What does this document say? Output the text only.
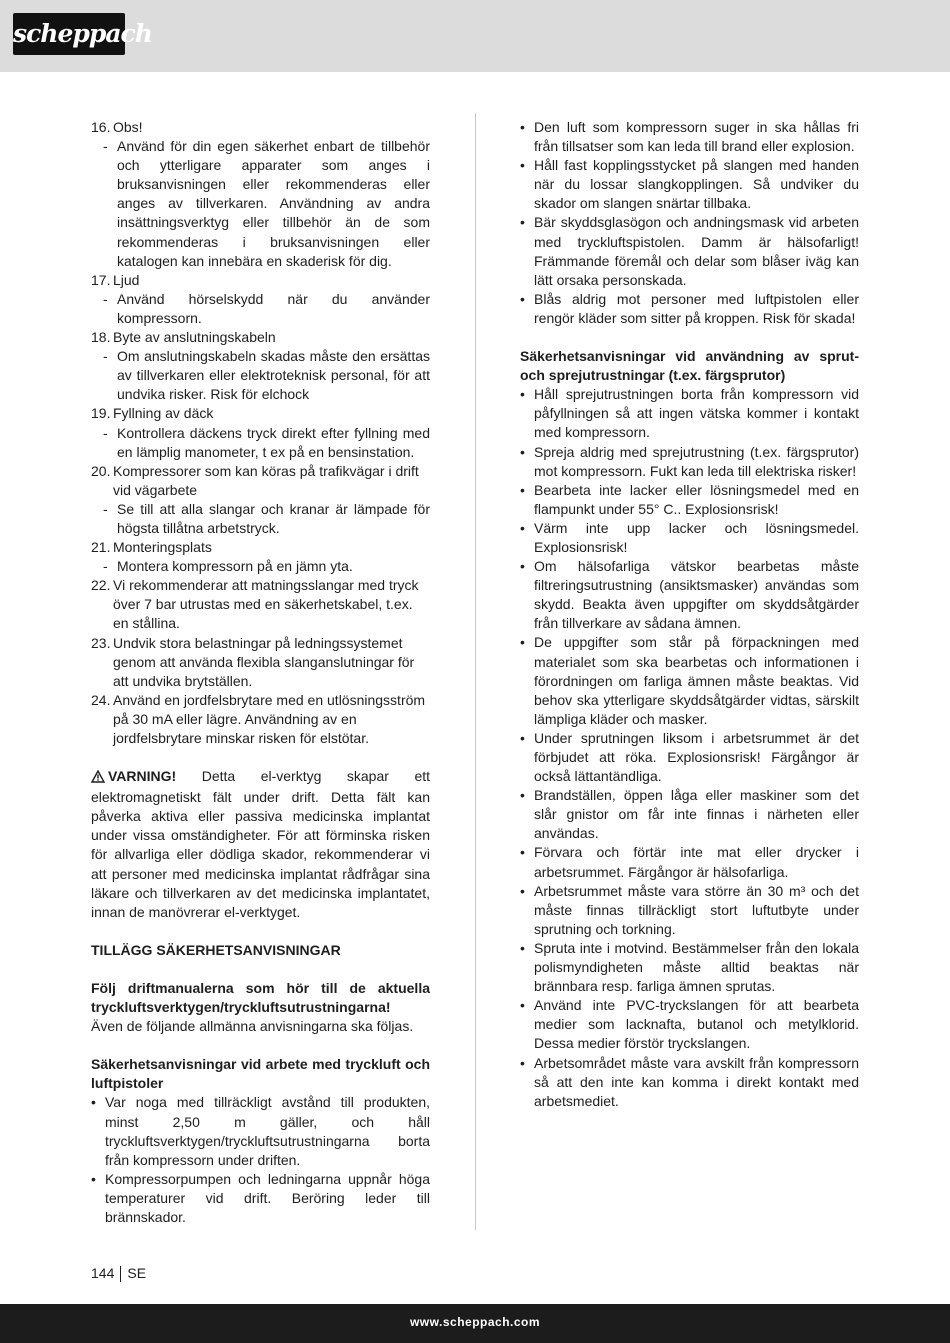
scheppach
16. Obs!
- Använd för din egen säkerhet enbart de tillbehör och ytterligare apparater som anges i bruksanvisningen eller rekommenderas eller anges av tillverkaren. Användning av andra insättningsverktyg eller tillbehör än de som rekommenderas i bruksanvisningen eller katalogen kan innebära en skaderisk för dig.
17. Ljud
- Använd hörselskydd när du använder kompressorn.
18. Byte av anslutningskabeln
- Om anslutningskabeln skadas måste den ersättas av tillverkaren eller elektroteknisk personal, för att undvika risker. Risk för elchock
19. Fyllning av däck
- Kontrollera däckens tryck direkt efter fyllning med en lämplig manometer, t ex på en bensinstation.
20. Kompressorer som kan köras på trafikvägar i drift vid vägarbete
- Se till att alla slangar och kranar är lämpade för högsta tillåtna arbetstryck.
21. Monteringsplats
- Montera kompressorn på en jämn yta.
22. Vi rekommenderar att matningsslangar med tryck över 7 bar utrustas med en säkerhetskabel, t.ex. en stållina.
23. Undvik stora belastningar på ledningssystemet genom att använda flexibla slanganslutningar för att undvika brytställen.
24. Använd en jordfelsbrytare med en utlösningsström på 30 mA eller lägre. Användning av en jordfelsbrytare minskar risken för elstötar.

VARNING! Detta el-verktyg skapar ett elektromagnetiskt fält under drift. Detta fält kan påverka aktiva eller passiva medicinska implantat under vissa omständigheter. För att förminska risken för allvarliga eller dödliga skador, rekommenderar vi att personer med medicinska implantat rådfrågar sina läkare och tillverkaren av det medicinska implantatet, innan de manövrerar el-verktyget.

TILLÄGG SÄKERHETSANVISNINGAR

Följ driftmanualerna som hör till de aktuella tryckluftsverktygen/tryckluftsutrustningarna!

Även de följande allmänna anvisningarna ska följas.

Säkerhetsanvisningar vid arbete med tryckluft och luftpistoler

• Var noga med tillräckligt avstånd till produkten, minst 2,50 m gäller, och håll tryckluftsverktygen/tryckluftsutrustningarna borta från kompressorn under driften.
• Kompressorpumpen och ledningarna uppnår höga temperaturer vid drift. Beröring leder till brännskador.
• Den luft som kompressorn suger in ska hållas fri från tillsatser som kan leda till brand eller explosion.
• Håll fast kopplingsstycket på slangen med handen när du lossar slangkopplingen. Så undviker du skador om slangen snärtar tillbaka.
• Bär skyddsglasögon och andningsmask vid arbeten med tryckluftspistolen. Damm är hälsofarligt! Främmande föremål och delar som blåser iväg kan lätt orsaka personskada.
• Blås aldrig mot personer med luftpistolen eller rengör kläder som sitter på kroppen. Risk för skada!

Säkerhetsanvisningar vid användning av sprut- och sprejutrustningar (t.ex. färgsprutor)

• Håll sprejutrustningen borta från kompressorn vid påfyllningen så att ingen vätska kommer i kontakt med kompressorn.
• Spreja aldrig med sprejutrustning (t.ex. färgsprutor) mot kompressorn. Fukt kan leda till elektriska risker!
• Bearbeta inte lacker eller lösningsmedel med en flampunkt under 55° C.. Explosionsrisk!
• Värm inte upp lacker och lösningsmedel. Explosionsrisk!
• Om hälsofarliga vätskor bearbetas måste filtreringsutrustning (ansiktsmasker) användas som skydd. Beakta även uppgifter om skyddsåtgärder från tillverkare av sådana ämnen.
• De uppgifter som står på förpackningen med materialet som ska bearbetas och informationen i förordningen om farliga ämnen måste beaktas. Vid behov ska ytterligare skyddsåtgärder vidtas, särskilt lämpliga kläder och masker.
• Under sprutningen liksom i arbetsrummet är det förbjudet att röka. Explosionsrisk! Färgångor är också lättantändliga.
• Brandställen, öppen låga eller maskiner som det slår gnistor om får inte finnas i närheten eller användas.
• Förvara och förtär inte mat eller drycker i arbetsrummet. Färgångor är hälsofarliga.
• Arbetsrummet måste vara större än 30 m³ och det måste finnas tillräckligt stort luftutbyte under sprutning och torkning.
• Spruta inte i motvind. Bestämmelser från den lokala polismyndigheten måste alltid beaktas när brännbara resp. farliga ämnen sprutas.
• Använd inte PVC-tryckslangen för att bearbeta medier som lacknafta, butanol och metylklorid. Dessa medier förstör tryckslangen.
• Arbetsområdet måste vara avskilt från kompressorn så att den inte kan komma i direkt kontakt med arbetsmediet.
144 SE
www.scheppach.com
